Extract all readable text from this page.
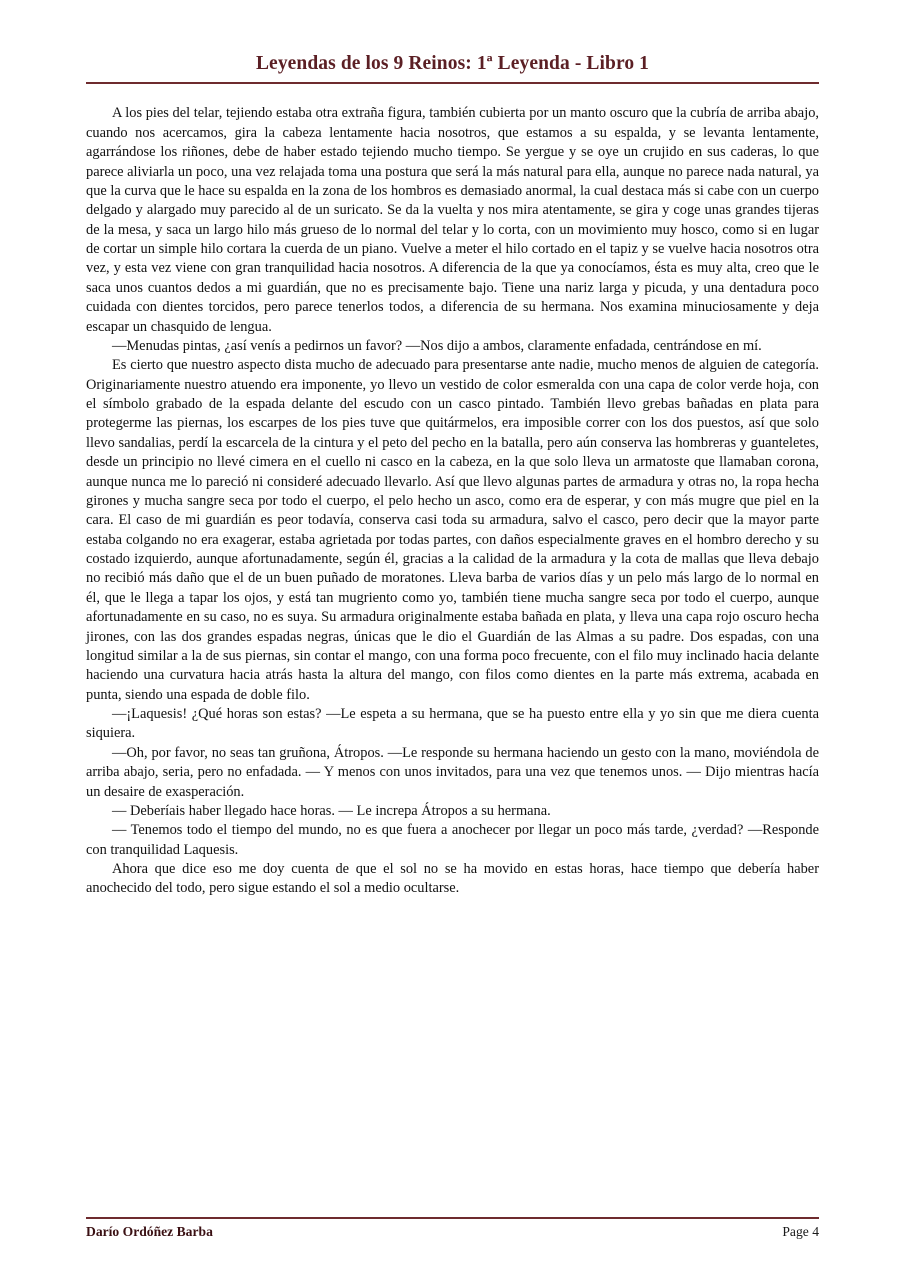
Leyendas de los 9 Reinos: 1ª Leyenda - Libro 1

A los pies del telar, tejiendo estaba otra extraña figura, también cubierta por un manto oscuro que la cubría de arriba abajo, cuando nos acercamos, gira la cabeza lentamente hacia nosotros, que estamos a su espalda, y se levanta lentamente, agarrándose los riñones, debe de haber estado tejiendo mucho tiempo. Se yergue y se oye un crujido en sus caderas, lo que parece aliviarla un poco, una vez relajada toma una postura que será la más natural para ella, aunque no parece nada natural, ya que la curva que le hace su espalda en la zona de los hombros es demasiado anormal, la cual destaca más si cabe con un cuerpo delgado y alargado muy parecido al de un suricato. Se da la vuelta y nos mira atentamente, se gira y coge unas grandes tijeras de la mesa, y saca un largo hilo más grueso de lo normal del telar y lo corta, con un movimiento muy hosco, como si en lugar de cortar un simple hilo cortara la cuerda de un piano. Vuelve a meter el hilo cortado en el tapiz y se vuelve hacia nosotros otra vez, y esta vez viene con gran tranquilidad hacia nosotros. A diferencia de la que ya conocíamos, ésta es muy alta, creo que le saca unos cuantos dedos a mi guardián, que no es precisamente bajo. Tiene una nariz larga y picuda, y una dentadura poco cuidada con dientes torcidos, pero parece tenerlos todos, a diferencia de su hermana. Nos examina minuciosamente y deja escapar un chasquido de lengua.

—Menudas pintas, ¿así venís a pedirnos un favor? —Nos dijo a ambos, claramente enfadada, centrándose en mí.

Es cierto que nuestro aspecto dista mucho de adecuado para presentarse ante nadie, mucho menos de alguien de categoría. Originariamente nuestro atuendo era imponente, yo llevo un vestido de color esmeralda con una capa de color verde hoja, con el símbolo grabado de la espada delante del escudo con un casco pintado. También llevo grebas bañadas en plata para protegerme las piernas, los escarpes de los pies tuve que quitármelos, era imposible correr con los dos puestos, así que solo llevo sandalias, perdí la escarcela de la cintura y el peto del pecho en la batalla, pero aún conserva las hombreras y guanteletes, desde un principio no llevé cimera en el cuello ni casco en la cabeza, en la que solo lleva un armatoste que llamaban corona, aunque nunca me lo pareció ni consideré adecuado llevarlo. Así que llevo algunas partes de armadura y otras no, la ropa hecha girones y mucha sangre seca por todo el cuerpo, el pelo hecho un asco, como era de esperar, y con más mugre que piel en la cara. El caso de mi guardián es peor todavía, conserva casi toda su armadura, salvo el casco, pero decir que la mayor parte estaba colgando no era exagerar, estaba agrietada por todas partes, con daños especialmente graves en el hombro derecho y su costado izquierdo, aunque afortunadamente, según él, gracias a la calidad de la armadura y la cota de mallas que lleva debajo no recibió más daño que el de un buen puñado de moratones. Lleva barba de varios días y un pelo más largo de lo normal en él, que le llega a tapar los ojos, y está tan mugriento como yo, también tiene mucha sangre seca por todo el cuerpo, aunque afortunadamente en su caso, no es suya. Su armadura originalmente estaba bañada en plata, y lleva una capa rojo oscuro hecha jirones, con las dos grandes espadas negras, únicas que le dio el Guardián de las Almas a su padre. Dos espadas, con una longitud similar a la de sus piernas, sin contar el mango, con una forma poco frecuente, con el filo muy inclinado hacia delante haciendo una curvatura hacia atrás hasta la altura del mango, con filos como dientes en la parte más extrema, acabada en punta, siendo una espada de doble filo.

—¡Laquesis! ¿Qué horas son estas? —Le espeta a su hermana, que se ha puesto entre ella y yo sin que me diera cuenta siquiera.

—Oh, por favor, no seas tan gruñona, Átropos. —Le responde su hermana haciendo un gesto con la mano, moviéndola de arriba abajo, seria, pero no enfadada. — Y menos con unos invitados, para una vez que tenemos unos. — Dijo mientras hacía un desaire de exasperación.

— Deberíais haber llegado hace horas. — Le increpa Átropos a su hermana.

— Tenemos todo el tiempo del mundo, no es que fuera a anochecer por llegar un poco más tarde, ¿verdad? —Responde con tranquilidad Laquesis.

Ahora que dice eso me doy cuenta de que el sol no se ha movido en estas horas, hace tiempo que debería haber anochecido del todo, pero sigue estando el sol a medio ocultarse.

Darío Ordóñez Barba	Page 4
